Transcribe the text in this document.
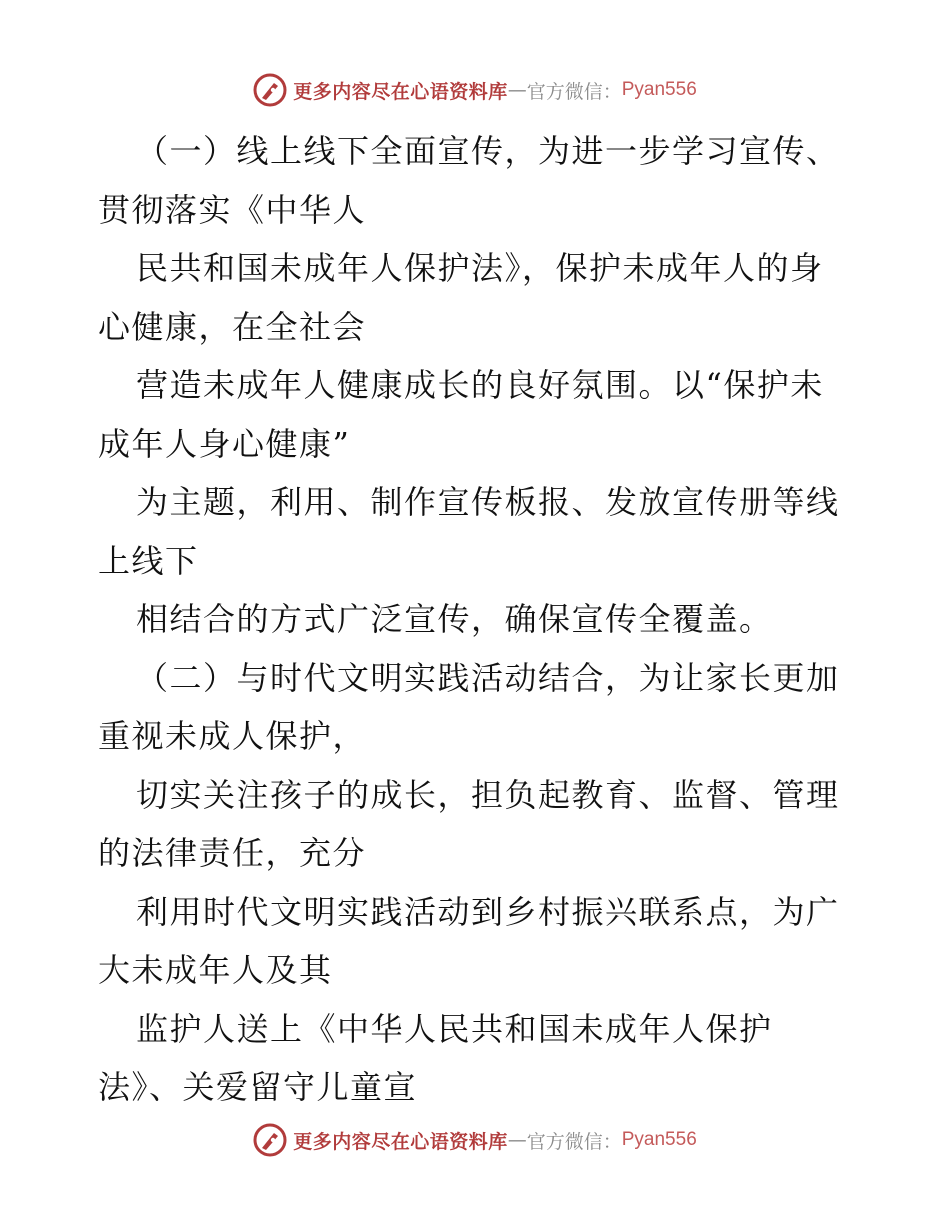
更多内容尽在心语资料库 — 官方微信： Pyan556
（一）线上线下全面宣传，为进一步学习宣传、
贯彻落实《中华人
民共和国未成年人保护法》，保护未成年人的身
心健康，在全社会
营造未成年人健康成长的良好氛围。以“保护未
成年人身心健康”
为主题，利用、制作宣传板报、发放宣传册等线
上线下
相结合的方式广泛宣传，确保宣传全覆盖。
（二）与时代文明实践活动结合，为让家长更加
重视未成人保护，
切实关注孩子的成长，担负起教育、监督、管理
的法律责任，充分
利用时代文明实践活动到乡村振兴联系点，为广
大未成年人及其
监护人送上《中华人民共和国未成年人保护
法》、关爱留守儿童宣
更多内容尽在心语资料库 — 官方微信： Pyan556
